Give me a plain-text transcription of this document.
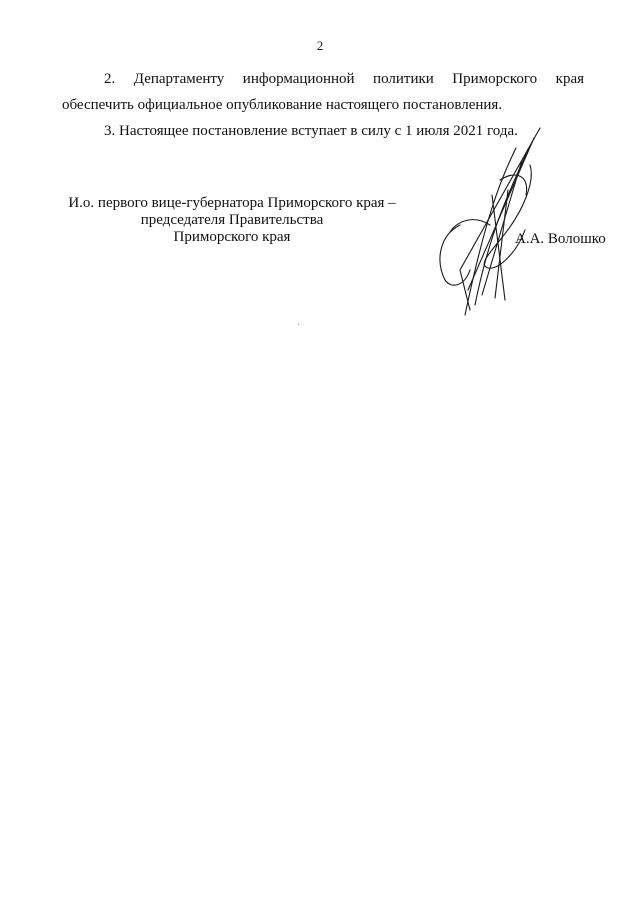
2

2. Департаменту информационной политики Приморского края
обеспечить официальное опубликование настоящего постановления.

3. Настоящее постановление вступает в силу с 1 июля 2021 года.

И.о. первого вице-губернатора Приморского края –
председателя Правительства
Приморского края	А.А. Волошко
